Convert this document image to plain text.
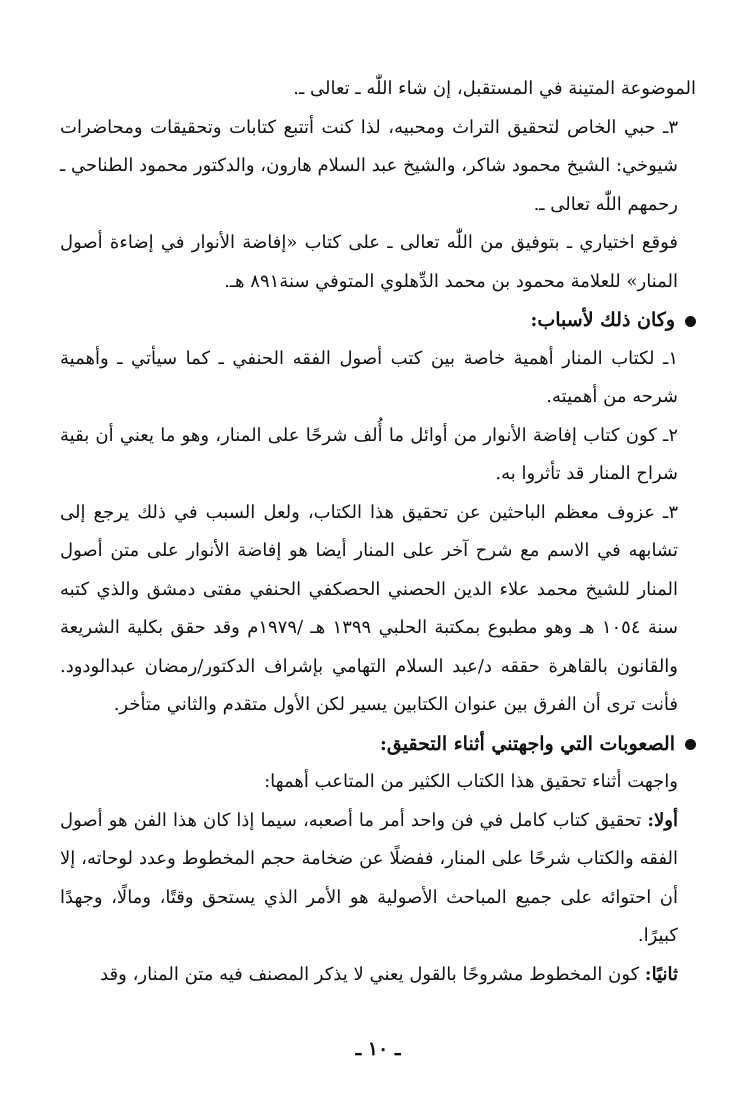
الموضوعة المتينة في المستقبل، إن شاء اللّٰه ـ تعالى ـ.

٣ـ حبي الخاص لتحقيق التراث ومحبيه، لذا كنت أتتبع كتابات وتحقيقات ومحاضرات شيوخي: الشيخ محمود شاكر، والشيخ عبد السلام هارون، والدكتور محمود الطناحي ـ رحمهم اللّٰه تعالى ـ.

فوقع اختياري ـ بتوفيق من اللّٰه تعالى ـ على كتاب «إفاضة الأنوار في إضاءة أصول المنار» للعلامة محمود بن محمد الدِّهلوي المتوفي سنة٨٩١ هـ.

وكان ذلك لأسباب:

١ـ لكتاب المنار أهمية خاصة بين كتب أصول الفقه الحنفي ـ كما سيأتي ـ وأهمية شرحه من أهميته.

٢ـ كون كتاب إفاضة الأنوار من أوائل ما أُلف شرحًا على المنار، وهو ما يعني أن بقية شراح المنار قد تأثروا به.

٣ـ عزوف معظم الباحثين عن تحقيق هذا الكتاب، ولعل السبب في ذلك يرجع إلى تشابهه في الاسم مع شرح آخر على المنار أيضا هو إفاضة الأنوار على متن أصول المنار للشيخ محمد علاء الدين الحصني الحصكفي الحنفي مفتى دمشق والذي كتبه سنة ١٠٥٤ هـ وهو مطبوع بمكتبة الحلبي ١٣٩٩ هـ /١٩٧٩م وقد حقق بكلية الشريعة والقانون بالقاهرة حققه د/عبد السلام التهامي بإشراف الدكتور/رمضان عبدالودود. فأنت ترى أن الفرق بين عنوان الكتابين يسير لكن الأول متقدم والثاني متأخر.

الصعوبات التي واجهتني أثناء التحقيق:

واجهت أثناء تحقيق هذا الكتاب الكثير من المتاعب أهمها:

أولا: تحقيق كتاب كامل في فن واحد أمر ما أصعبه، سيما إذا كان هذا الفن هو أصول الفقه والكتاب شرحًا على المنار، ففضلًا عن ضخامة حجم المخطوط وعدد لوحاته، إلا أن احتوائه على جميع المباحث الأصولية هو الأمر الذي يستحق وقتًا، ومالًا، وجهدًا كبيرًا.

ثانيًا: كون المخطوط مشروحًا بالقول يعني لا يذكر المصنف فيه متن المنار، وقد

ـ ١٠ ـ
